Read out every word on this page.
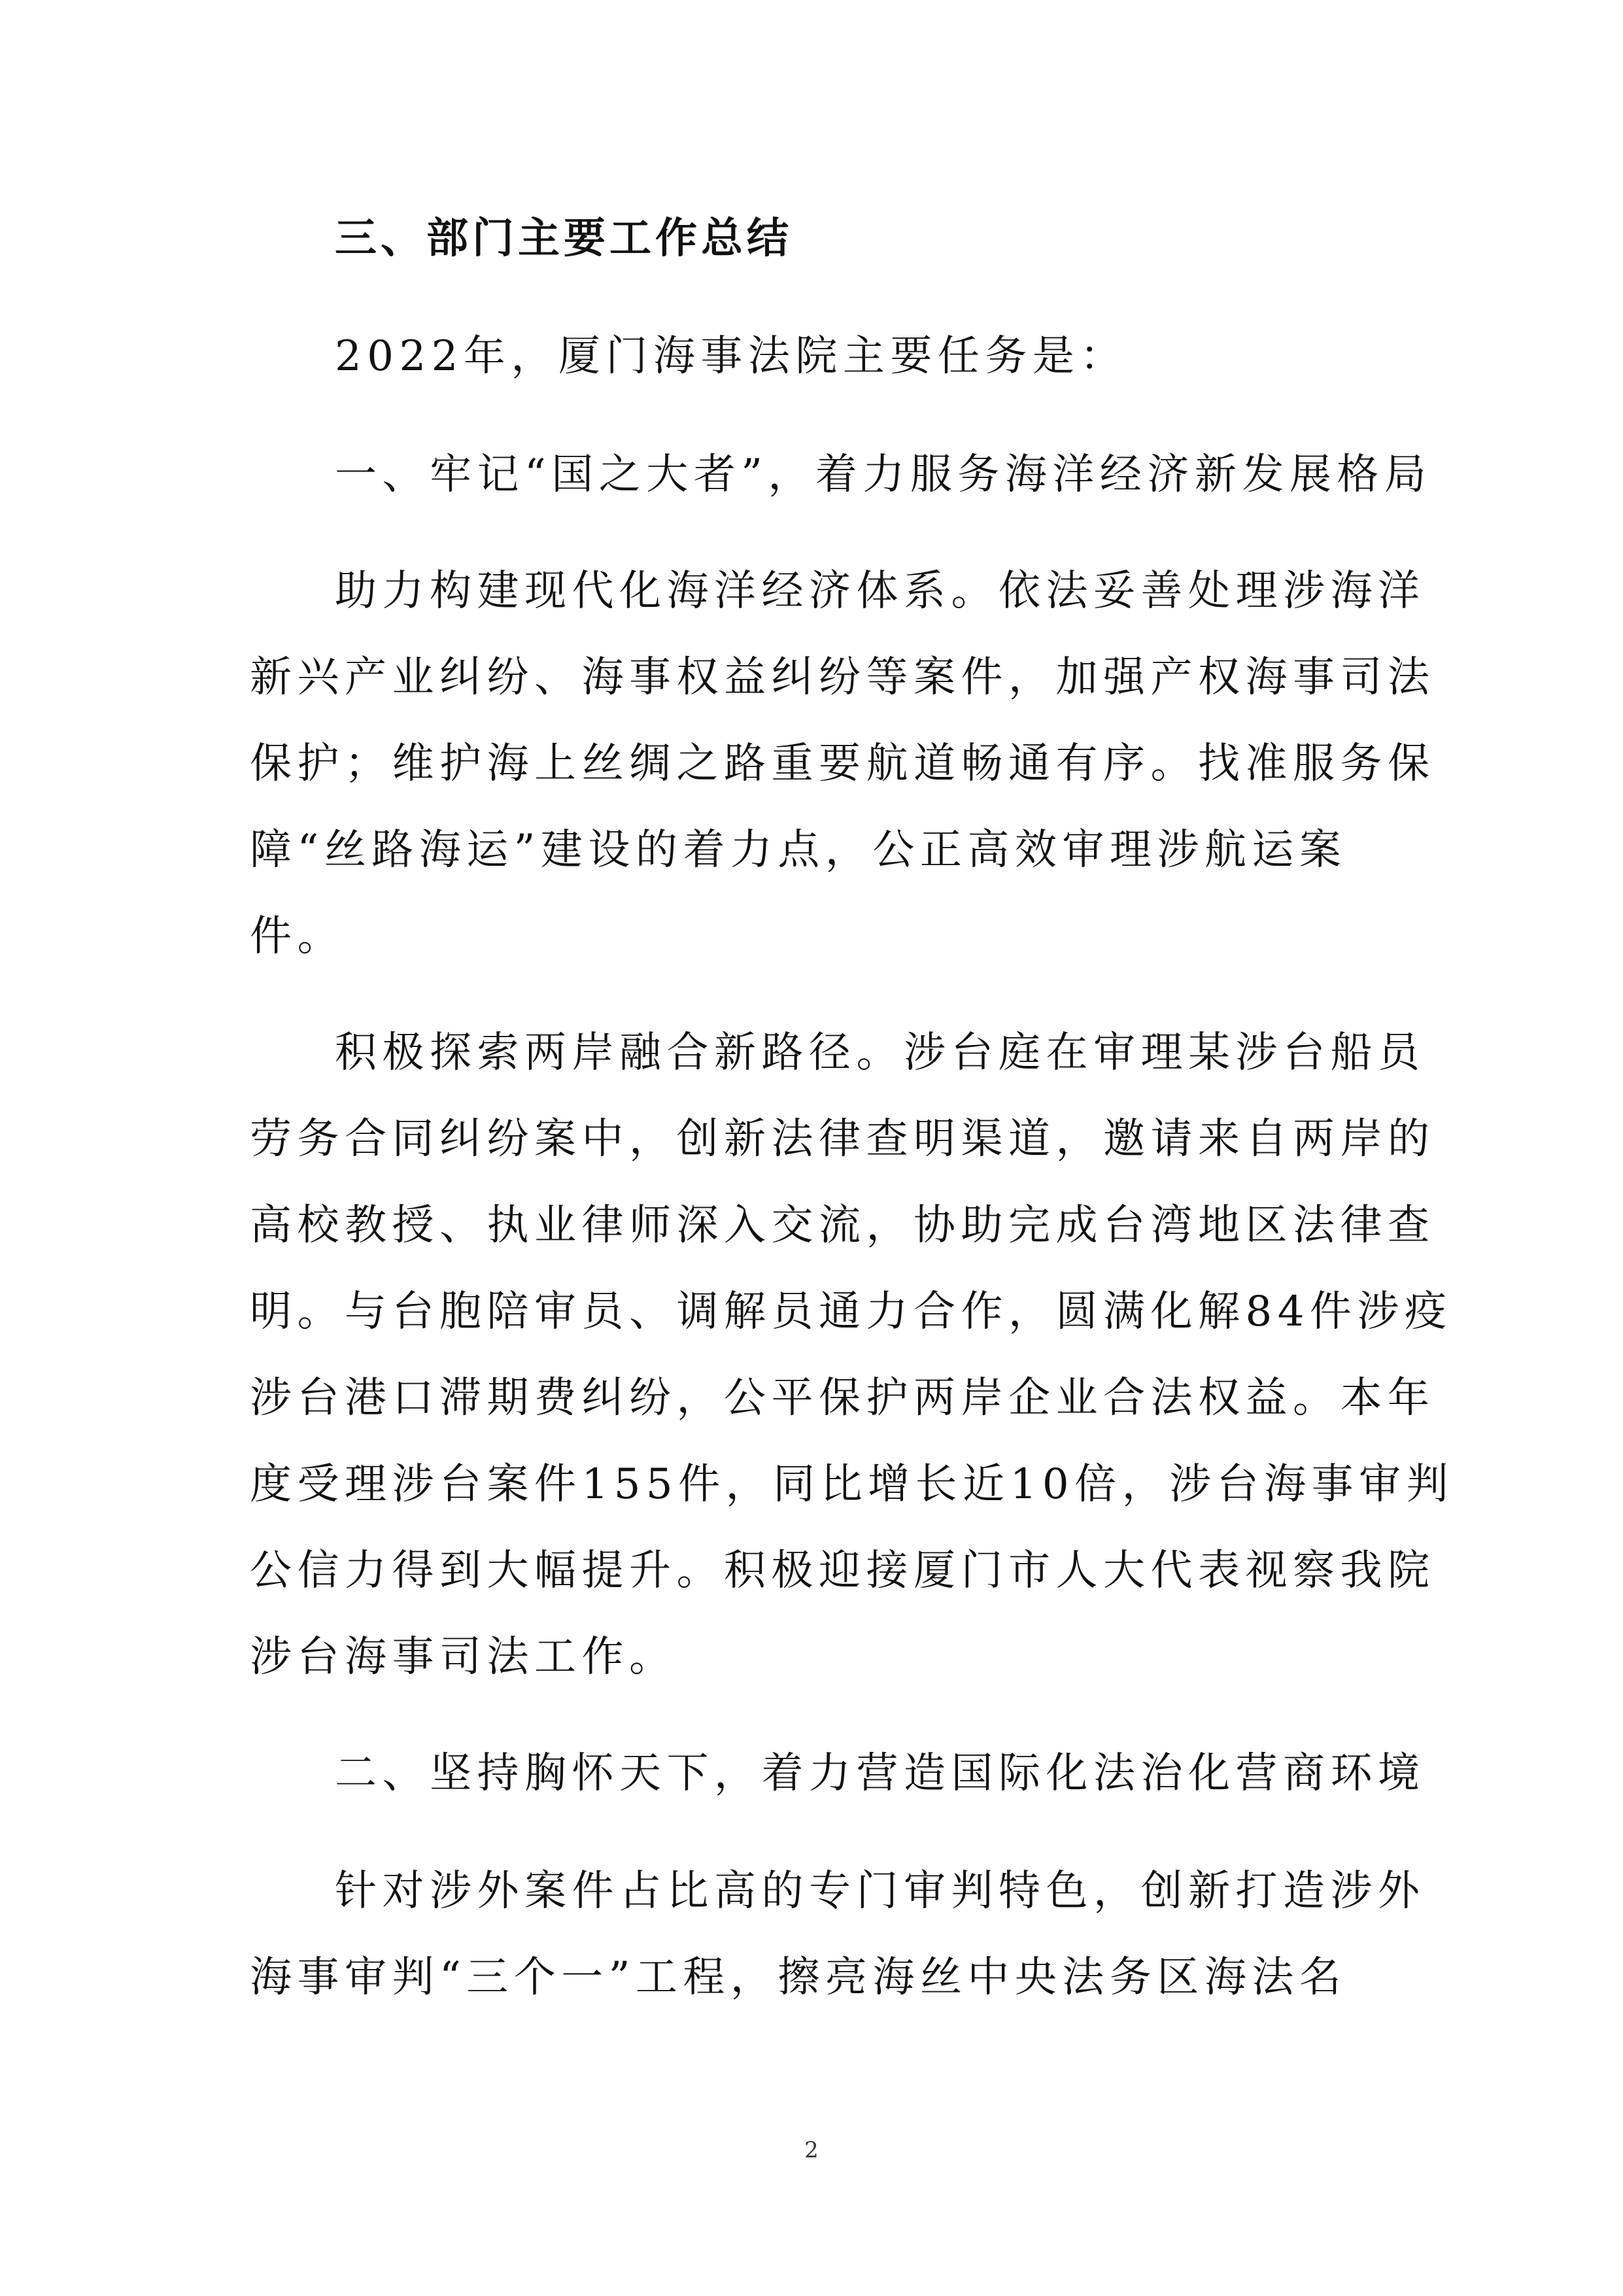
三、部门主要工作总结
2022年，厦门海事法院主要任务是：
一、牢记“国之大者”，着力服务海洋经济新发展格局
助力构建现代化海洋经济体系。依法妥善处理涉海洋
新兴产业纠纷、海事权益纠纷等案件，加强产权海事司法
保护；维护海上丝绸之路重要航道畅通有序。找准服务保
障“丝路海运”建设的着力点，公正高效审理涉航运案
件。
积极探索两岸融合新路径。涉台庭在审理某涉台船员
劳务合同纠纷案中，创新法律查明渠道，邀请来自两岸的
高校教授、执业律师深入交流，协助完成台湾地区法律查
明。与台胞陪审员、调解员通力合作，圆满化解84件涉疫
涉台港口滞期费纠纷，公平保护两岸企业合法权益。本年
度受理涉台案件155件，同比增长近10倍，涉台海事审判
公信力得到大幅提升。积极迎接厦门市人大代表视察我院
涉台海事司法工作。
二、坚持胸怀天下，着力营造国际化法治化营商环境
针对涉外案件占比高的专门审判特色，创新打造涉外
海事审判“三个一”工程，擦亮海丝中央法务区海法名
2
